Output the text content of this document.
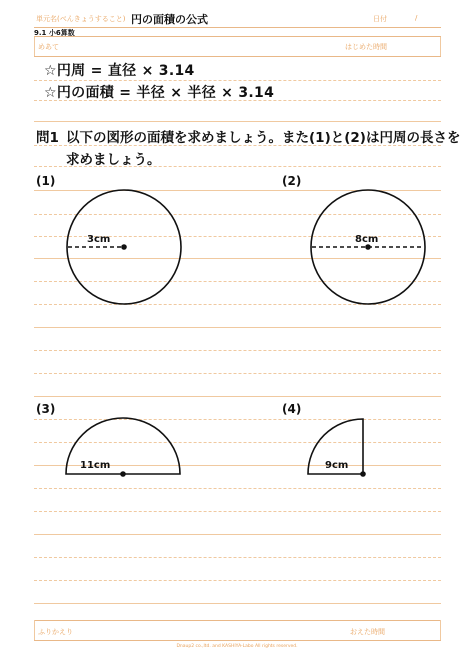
単元名(べんきょうすること) 円の面積の公式	日付	/
9.1 小6算数
めあて	はじめた時間
☆円周 = 直径 × 3.14
☆円の面積 = 半径 × 半径 × 3.14
問1 以下の図形の面積を求めましょう。また(1)と(2)は円周の長さを
求めましょう。
(1)
3cm
(2)
8cm
(3)
11cm
(4)
9cm
ふりかえり	おえた時間
Dnaup2 co.,ltd. and KASHIYA-Labo All rights reserved.
